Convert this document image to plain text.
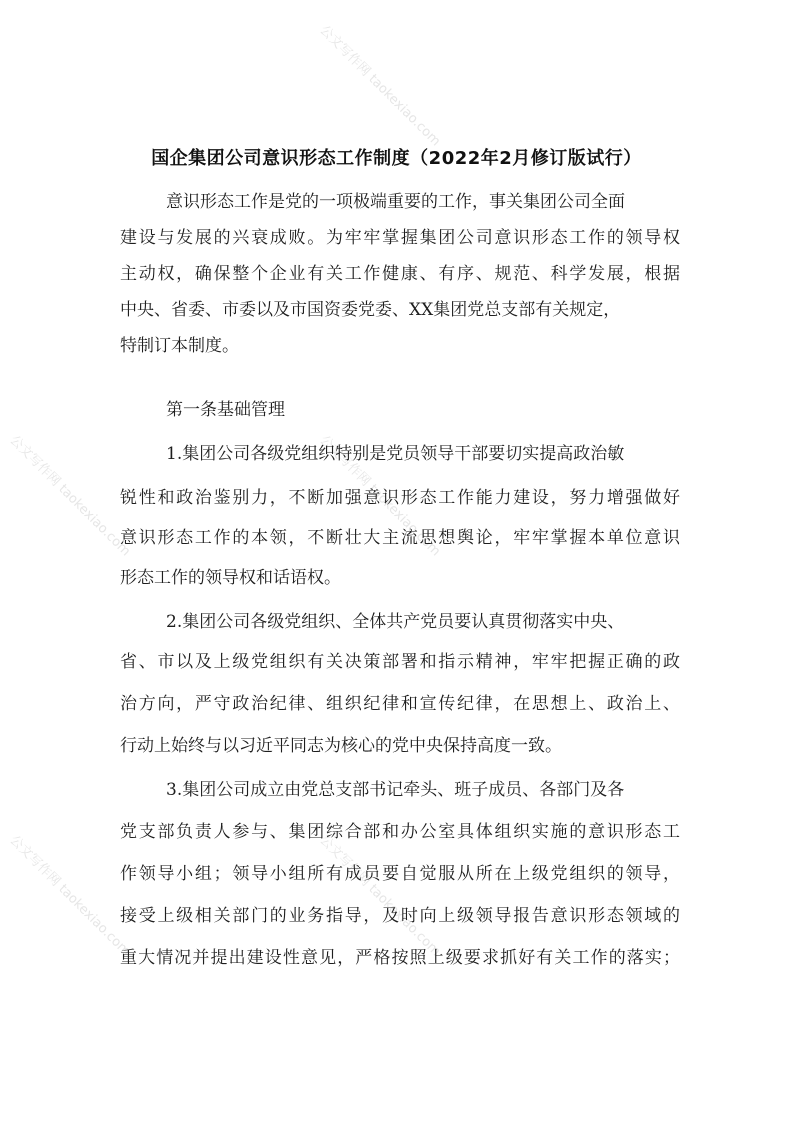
公文写作网 taokexiao.com
公文写作网 taokexiao.com	公文写作网 taokexiao.com
公文写作网 taokexiao.com	公文写作网 taokexiao.com
国企集团公司意识形态工作制度（2022年2月修订版试行）

意识形态工作是党的一项极端重要的工作，事关集团公司全面

建设与发展的兴衰成败。为牢牢掌握集团公司意识形态工作的领导权

主动权，确保整个企业有关工作健康、有序、规范、科学发展，根据

中央、省委、市委以及市国资委党委、XX集团党总支部有关规定，

特制订本制度。

第一条基础管理

1.集团公司各级党组织特别是党员领导干部要切实提高政治敏

锐性和政治鉴别力，不断加强意识形态工作能力建设，努力增强做好

意识形态工作的本领，不断壮大主流思想舆论，牢牢掌握本单位意识

形态工作的领导权和话语权。

2.集团公司各级党组织、全体共产党员要认真贯彻落实中央、

省、市以及上级党组织有关决策部署和指示精神，牢牢把握正确的政

治方向，严守政治纪律、组织纪律和宣传纪律，在思想上、政治上、

行动上始终与以习近平同志为核心的党中央保持高度一致。

3.集团公司成立由党总支部书记牵头、班子成员、各部门及各

党支部负责人参与、集团综合部和办公室具体组织实施的意识形态工

作领导小组；领导小组所有成员要自觉服从所在上级党组织的领导，

接受上级相关部门的业务指导，及时向上级领导报告意识形态领域的

重大情况并提出建设性意见，严格按照上级要求抓好有关工作的落实；
